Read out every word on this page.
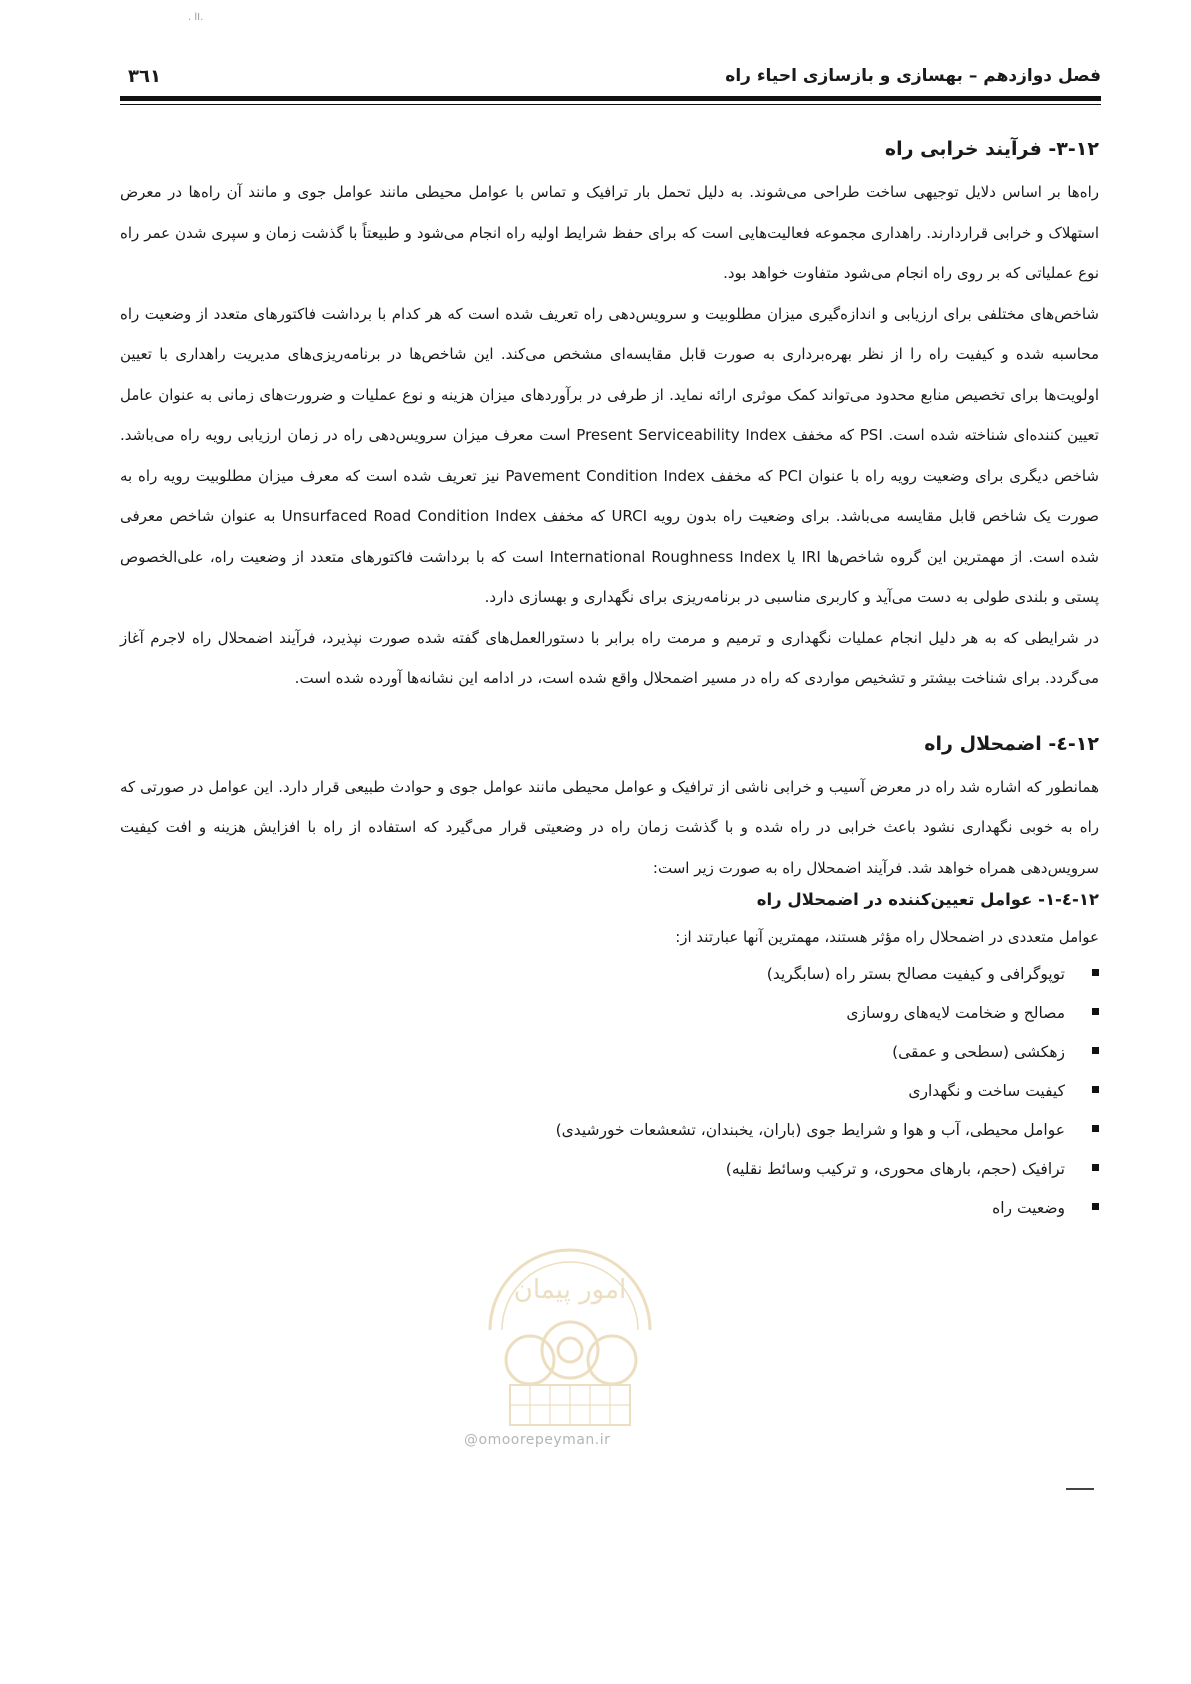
. lI.
فصل دوازدهم – بهسازی و بازسازی احیاء راه
٣٦١
١٢-٣- فرآیند خرابی راه

راه‌ها بر اساس دلایل توجیهی ساخت طراحی می‌شوند. به دلیل تحمل بار ترافیک و تماس با عوامل محیطی مانند عوامل جوی و مانند آن راه‌ها در معرض استهلاک و خرابی قراردارند. راهداری مجموعه فعالیت‌هایی است که برای حفظ شرایط اولیه راه انجام می‌شود و طبیعتاً با گذشت زمان و سپری شدن عمر راه نوع عملیاتی که بر روی راه انجام می‌شود متفاوت خواهد بود.

شاخص‌های مختلفی برای ارزیابی و اندازه‌گیری میزان مطلوبیت و سرویس‌دهی راه تعریف شده است که هر کدام با برداشت فاکتورهای متعدد از وضعیت راه محاسبه شده و کیفیت راه را از نظر بهره‌برداری به صورت قابل مقایسه‌ای مشخص می‌کند. این شاخص‌ها در برنامه‌ریزی‌های مدیریت راهداری با تعیین اولویت‌ها برای تخصیص منابع محدود می‌تواند کمک موثری ارائه نماید. از طرفی در برآوردهای میزان هزینه و نوع عملیات و ضرورت‌های زمانی به عنوان عامل تعیین کننده‌ای شناخته شده است. PSI که مخفف Present Serviceability Index است معرف میزان سرویس‌دهی راه در زمان ارزیابی رویه راه می‌باشد. شاخص دیگری برای وضعیت رویه راه با عنوان PCI که مخفف Pavement Condition Index نیز تعریف شده است که معرف میزان مطلوبیت رویه راه به صورت یک شاخص قابل مقایسه می‌باشد. برای وضعیت راه بدون رویه URCI که مخفف Unsurfaced Road Condition Index به عنوان شاخص معرفی شده است. از مهمترین این گروه شاخص‌ها IRI یا International Roughness Index است که با برداشت فاکتورهای متعدد از وضعیت راه، علی‌الخصوص پستی و بلندی طولی به دست می‌آید و کاربری مناسبی در برنامه‌ریزی برای نگهداری و بهسازی دارد.

در شرایطی که به هر دلیل انجام عملیات نگهداری و ترمیم و مرمت راه برابر با دستورالعمل‌های گفته شده صورت نپذیرد، فرآیند اضمحلال راه لاجرم آغاز می‌گردد. برای شناخت بیشتر و تشخیص مواردی که راه در مسیر اضمحلال واقع شده است، در ادامه این نشانه‌ها آورده شده است.

١٢-٤- اضمحلال راه

همانطور که اشاره شد راه در معرض آسیب و خرابی ناشی از ترافیک و عوامل محیطی مانند عوامل جوی و حوادث طبیعی قرار دارد. این عوامل در صورتی که راه به خوبی نگهداری نشود باعث خرابی در راه شده و با گذشت زمان راه در وضعیتی قرار می‌گیرد که استفاده از راه با افزایش هزینه و افت کیفیت سرویس‌دهی همراه خواهد شد. فرآیند اضمحلال راه به صورت زیر است:

١٢-٤-١- عوامل تعیین‌کننده در اضمحلال راه

عوامل متعددی در اضمحلال راه مؤثر هستند، مهمترین آنها عبارتند از:

توپوگرافی و کیفیت مصالح بستر راه (سابگرید)
مصالح و ضخامت لایه‌های روسازی
زهکشی (سطحی و عمقی)
کیفیت ساخت و نگهداری
عوامل محیطی، آب و هوا و شرایط جوی (باران، یخبندان، تشعشعات خورشیدی)
ترافیک (حجم، بارهای محوری، و ترکیب وسائط نقلیه)
وضعیت راه
امور پیمان
@omoorepeyman.ir
